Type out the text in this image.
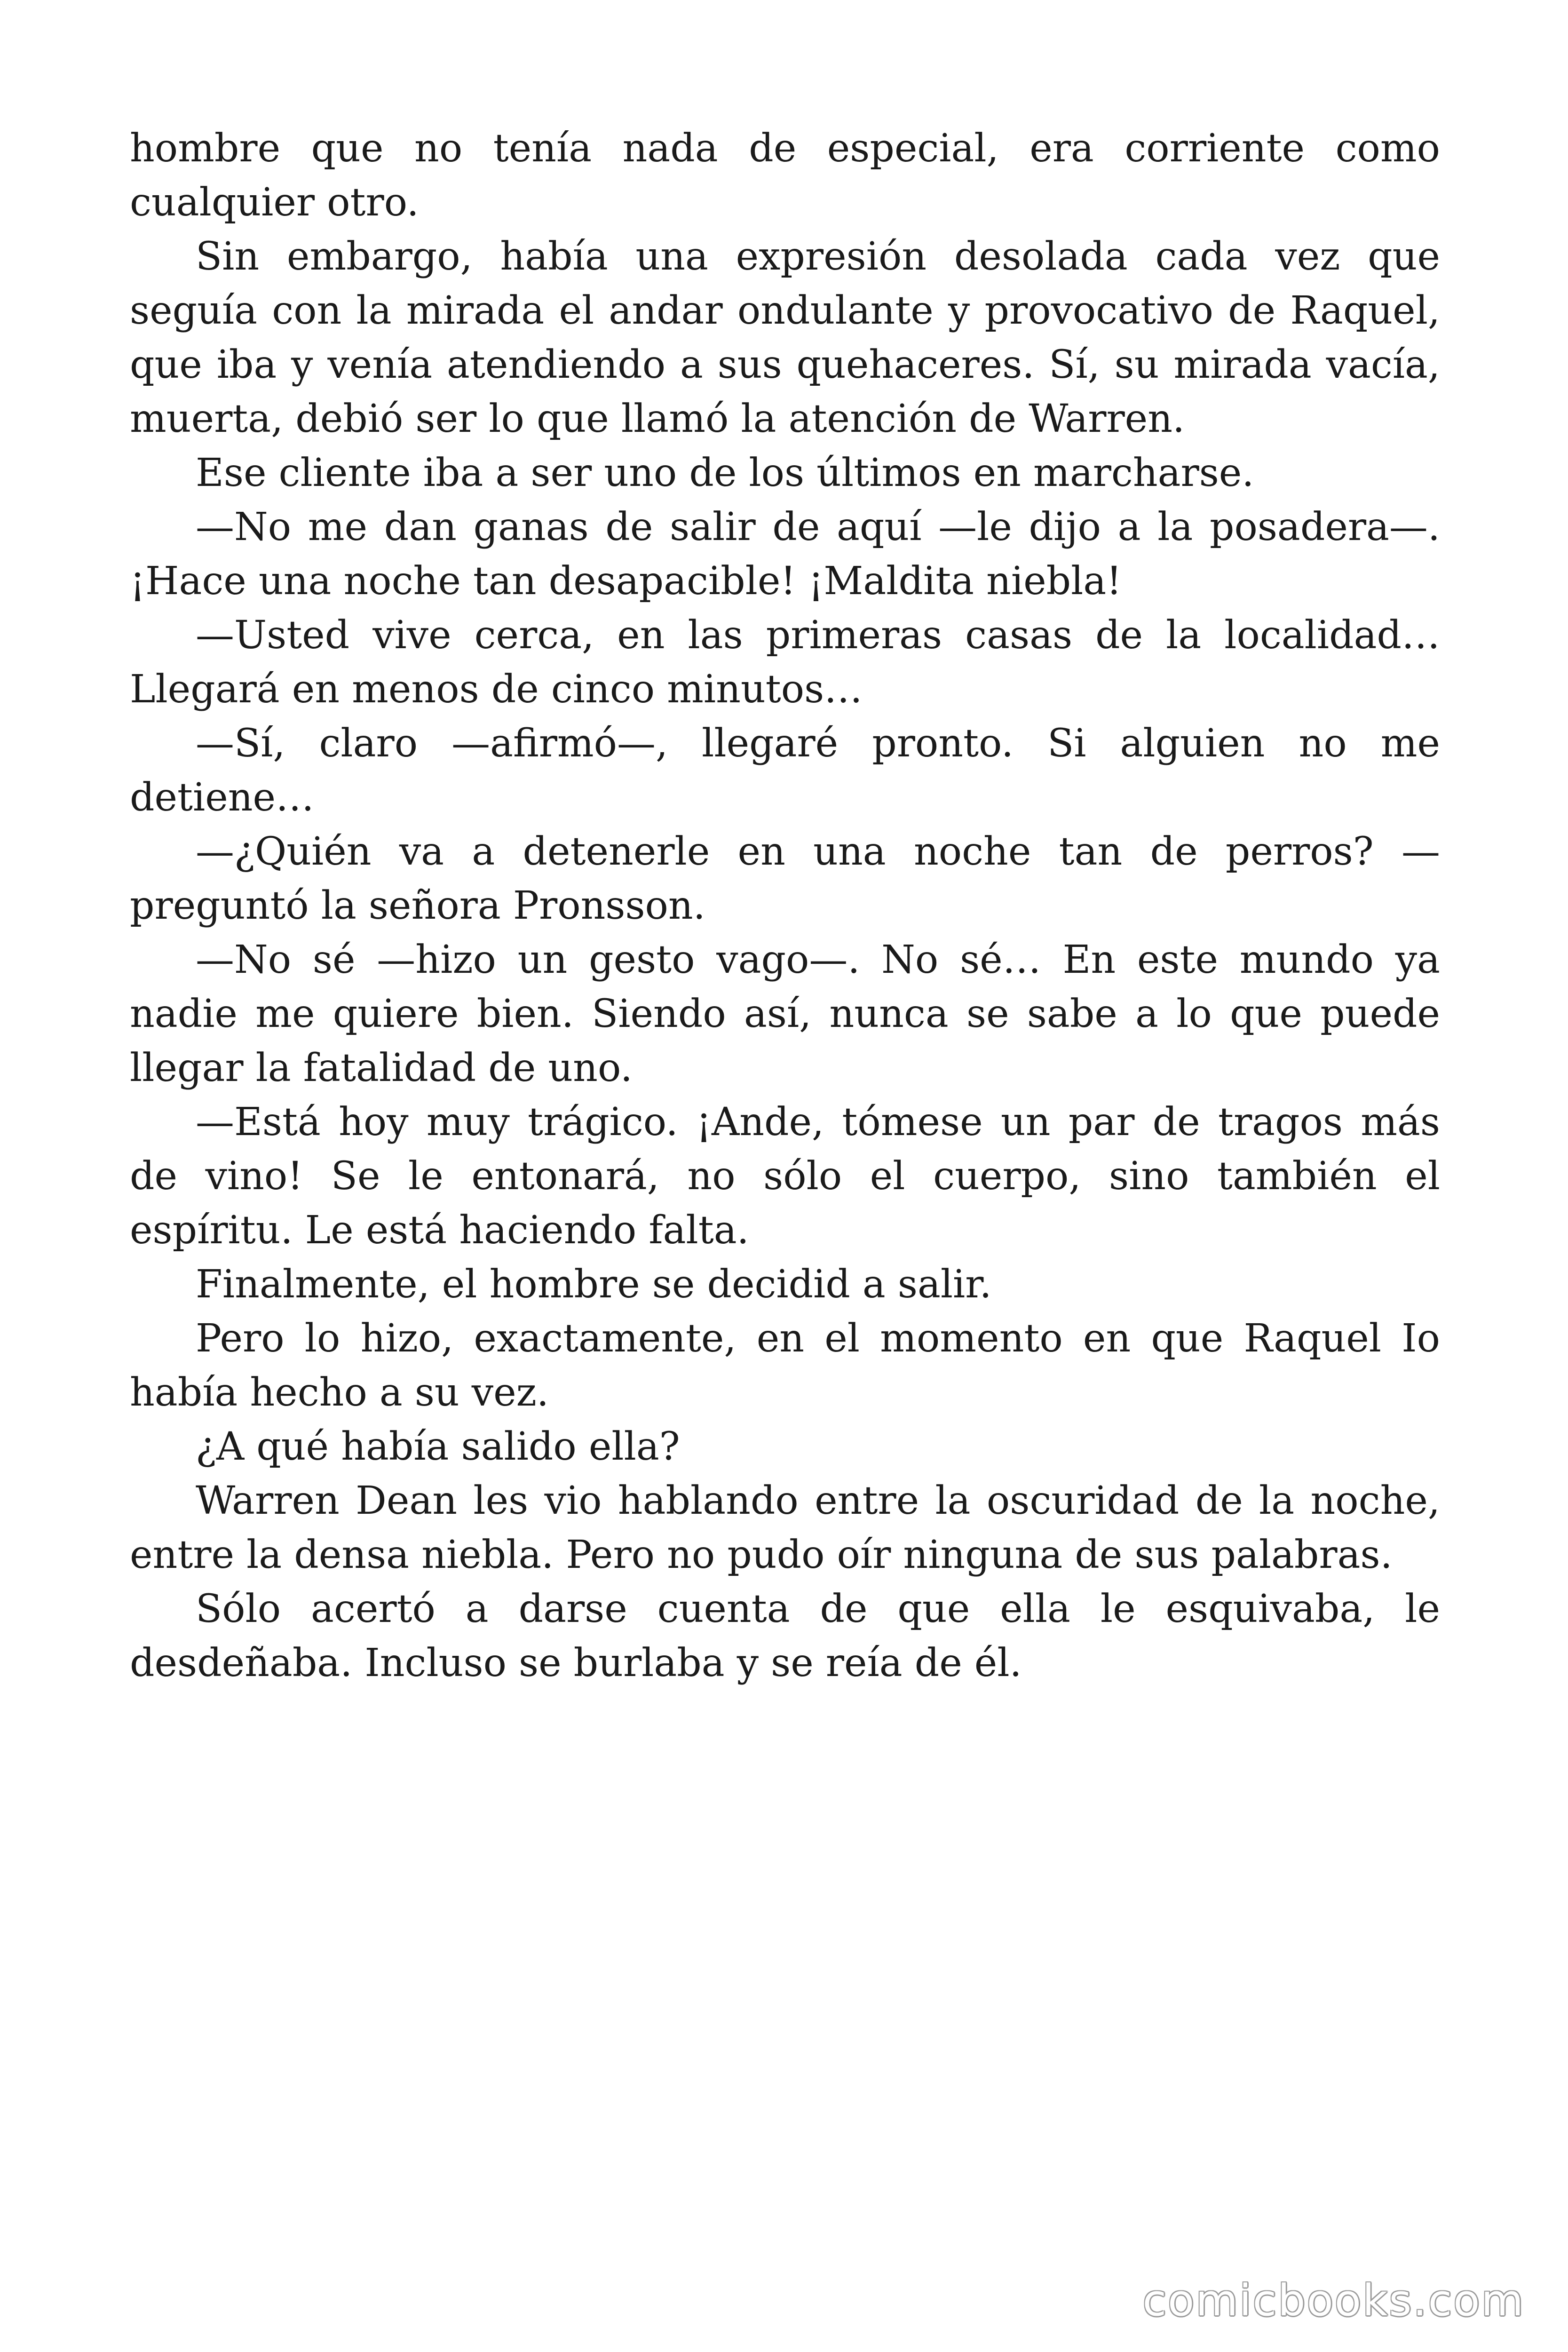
hombre que no tenía nada de especial, era corriente como cualquier otro.

Sin embargo, había una expresión desolada cada vez que seguía con la mirada el andar ondulante y provocativo de Raquel, que iba y venía atendiendo a sus quehaceres. Sí, su mirada vacía, muerta, debió ser lo que llamó la atención de Warren.

Ese cliente iba a ser uno de los últimos en marcharse.

—No me dan ganas de salir de aquí —le dijo a la posadera—. ¡Hace una noche tan desapacible! ¡Maldita niebla!

—Usted vive cerca, en las primeras casas de la localidad… Llegará en menos de cinco minutos…

—Sí, claro —afirmó—, llegaré pronto. Si alguien no me detiene…

—¿Quién va a detenerle en una noche tan de perros? —preguntó la señora Pronsson.

—No sé —hizo un gesto vago—. No sé… En este mundo ya nadie me quiere bien. Siendo así, nunca se sabe a lo que puede llegar la fatalidad de uno.

—Está hoy muy trágico. ¡Ande, tómese un par de tragos más de vino! Se le entonará, no sólo el cuerpo, sino también el espíritu. Le está haciendo falta.

Finalmente, el hombre se decidid a salir.

Pero lo hizo, exactamente, en el momento en que Raquel Io había hecho a su vez.

¿A qué había salido ella?

Warren Dean les vio hablando entre la oscuridad de la noche, entre la densa niebla. Pero no pudo oír ninguna de sus palabras.

Sólo acertó a darse cuenta de que ella le esquivaba, le desdeñaba. Incluso se burlaba y se reía de él.

comicbooks.com
